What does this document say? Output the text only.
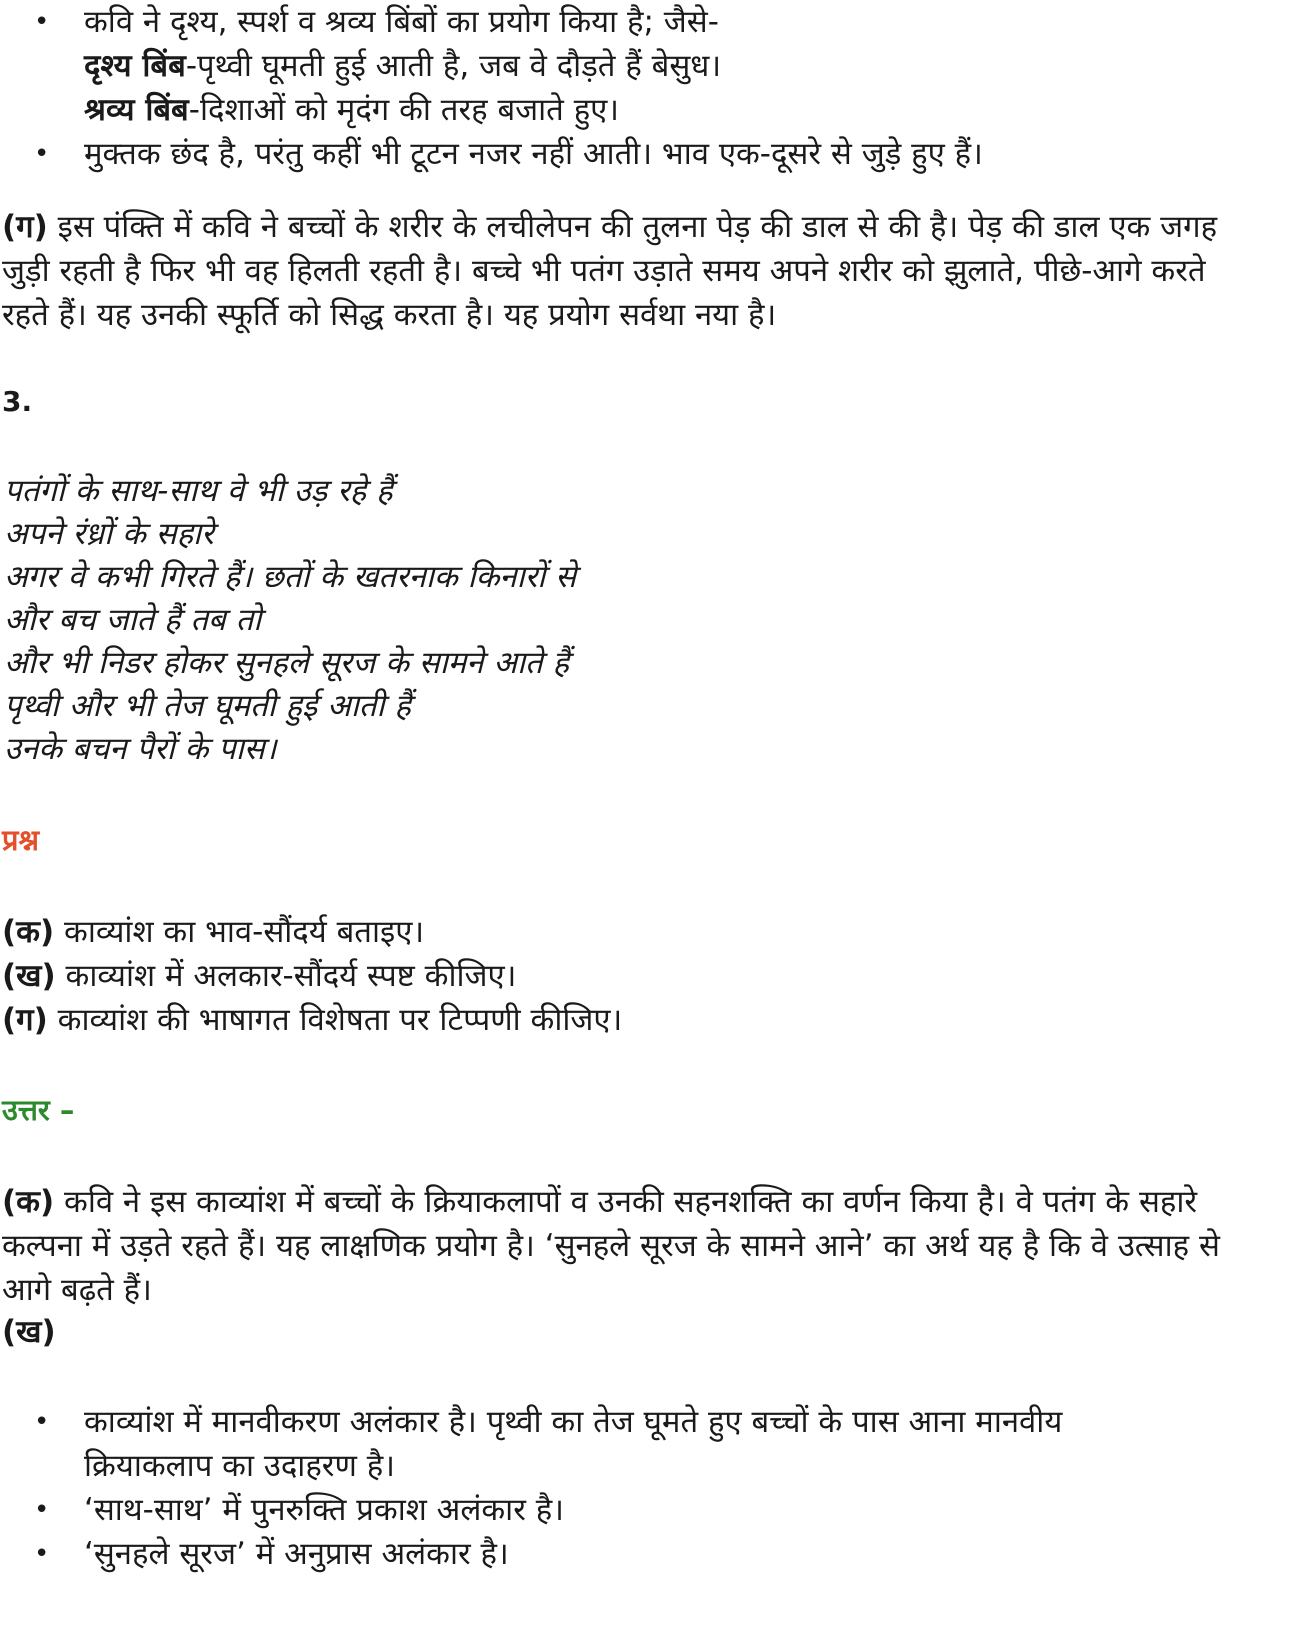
• कवि ने दृश्य, स्पर्श व श्रव्य बिंबों का प्रयोग किया है; जैसे-
दृश्य बिंब-पृथ्वी घूमती हुई आती है, जब वे दौड़ते हैं बेसुध।
श्रव्य बिंब-दिशाओं को मृदंग की तरह बजाते हुए।
• मुक्तक छंद है, परंतु कहीं भी टूटन नजर नहीं आती। भाव एक-दूसरे से जुड़े हुए हैं।

(ग) इस पंक्ति में कवि ने बच्चों के शरीर के लचीलेपन की तुलना पेड़ की डाल से की है। पेड़ की डाल एक जगह जुड़ी रहती है फिर भी वह हिलती रहती है। बच्चे भी पतंग उड़ाते समय अपने शरीर को झुलाते, पीछे-आगे करते रहते हैं। यह उनकी स्फूर्ति को सिद्ध करता है। यह प्रयोग सर्वथा नया है।

3.

पतंगों के साथ-साथ वे भी उड़ रहे हैं
अपने रंध्रों के सहारे
अगर वे कभी गिरते हैं। छतों के खतरनाक किनारों से
और बच जाते हैं तब तो
और भी निडर होकर सुनहले सूरज के सामने आते हैं
पृथ्वी और भी तेज घूमती हुई आती हैं
उनके बचन पैरों के पास।

प्रश्न

(क) काव्यांश का भाव-सौंदर्य बताइए।

(ख) काव्यांश में अलकार-सौंदर्य स्पष्ट कीजिए।

(ग) काव्यांश की भाषागत विशेषता पर टिप्पणी कीजिए।

उत्तर –

(क) कवि ने इस काव्यांश में बच्चों के क्रियाकलापों व उनकी सहनशक्ति का वर्णन किया है। वे पतंग के सहारे कल्पना में उड़ते रहते हैं। यह लाक्षणिक प्रयोग है। ‘सुनहले सूरज के सामने आने’ का अर्थ यह है कि वे उत्साह से आगे बढ़ते हैं।

(ख)

• काव्यांश में मानवीकरण अलंकार है। पृथ्वी का तेज घूमते हुए बच्चों के पास आना मानवीय क्रियाकलाप का उदाहरण है।
• ‘साथ-साथ’ में पुनरुक्ति प्रकाश अलंकार है।
• ‘सुनहले सूरज’ में अनुप्रास अलंकार है।
